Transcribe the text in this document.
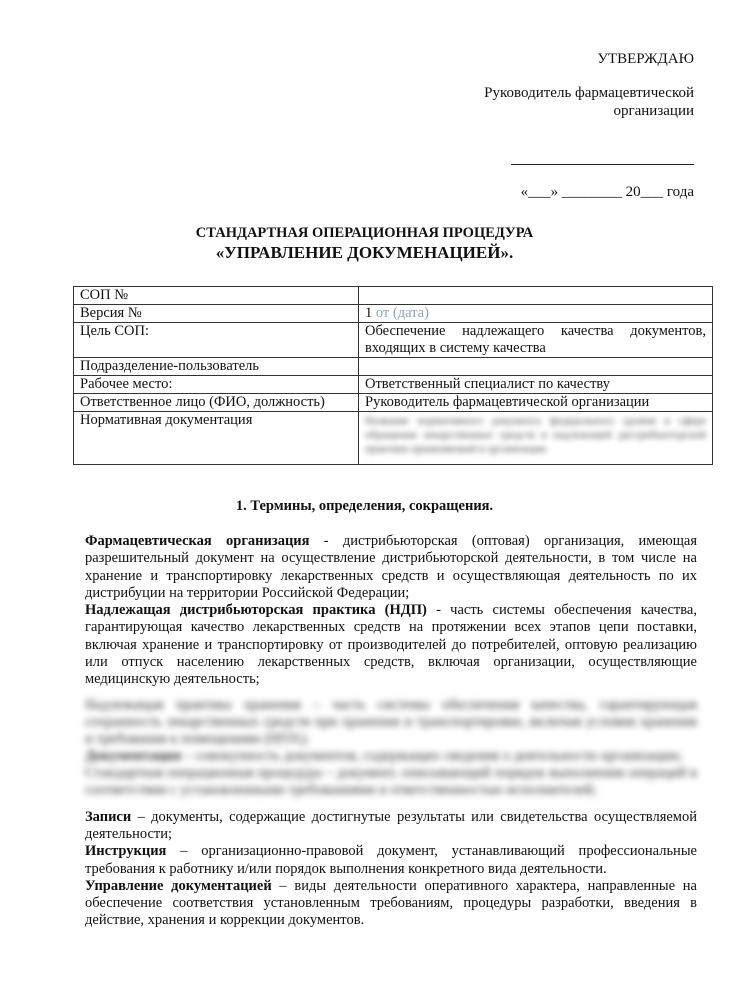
УТВЕРЖДАЮ
Руководитель фармацевтической
организации
«___» ________ 20___ года
СТАНДАРТНАЯ ОПЕРАЦИОННАЯ ПРОЦЕДУРА
«УПРАВЛЕНИЕ ДОКУМЕНАЦИЕЙ».
СОП №	
Версия №	1 от (дата)
Цель СОП:	Обеспечение надлежащего качества документов, входящих в систему качества
Подразделение-пользователь	
Рабочее место:	Ответственный специалист по качеству
Ответственное лицо (ФИО, должность)	Руководитель фармацевтической организации
Нормативная документация	Название нормативного документа федерального уровня в сфере обращения лекарственных средств и надлежащей дистрибьюторской практики применяемый в организации
1. Термины, определения, сокращения.

Фармацевтическая организация - дистрибьюторская (оптовая) организация, имеющая разрешительный документ на осуществление дистрибьюторской деятельности, в том числе на хранение и транспортировку лекарственных средств и осуществляющая деятельность по их дистрибуции на территории Российской Федерации;

Надлежащая дистрибьюторская практика (НДП) - часть системы обеспечения качества, гарантирующая качество лекарственных средств на протяжении всех этапов цепи поставки, включая хранение и транспортировку от производителей до потребителей, оптовую реализацию или отпуск населению лекарственных средств, включая организации, осуществляющие медицинскую деятельность;

Надлежащая практика хранения – часть системы обеспечения качества, гарантирующая сохранность лекарственных средств при хранении и транспортировке, включая условия хранения и требования к помещениям (НПХ);
Документация – совокупность документов, содержащих сведения о деятельности организации;
Стандартная операционная процедура – документ, описывающий порядок выполнения операций в соответствии с установленными требованиями и ответственностью исполнителей;

Записи – документы, содержащие достигнутые результаты или свидетельства осуществляемой деятельности;

Инструкция – организационно-правовой документ, устанавливающий профессиональные требования к работнику и/или порядок выполнения конкретного вида деятельности.

Управление документацией – виды деятельности оперативного характера, направленные на обеспечение соответствия установленным требованиям, процедуры разработки, введения в действие, хранения и коррекции документов.
